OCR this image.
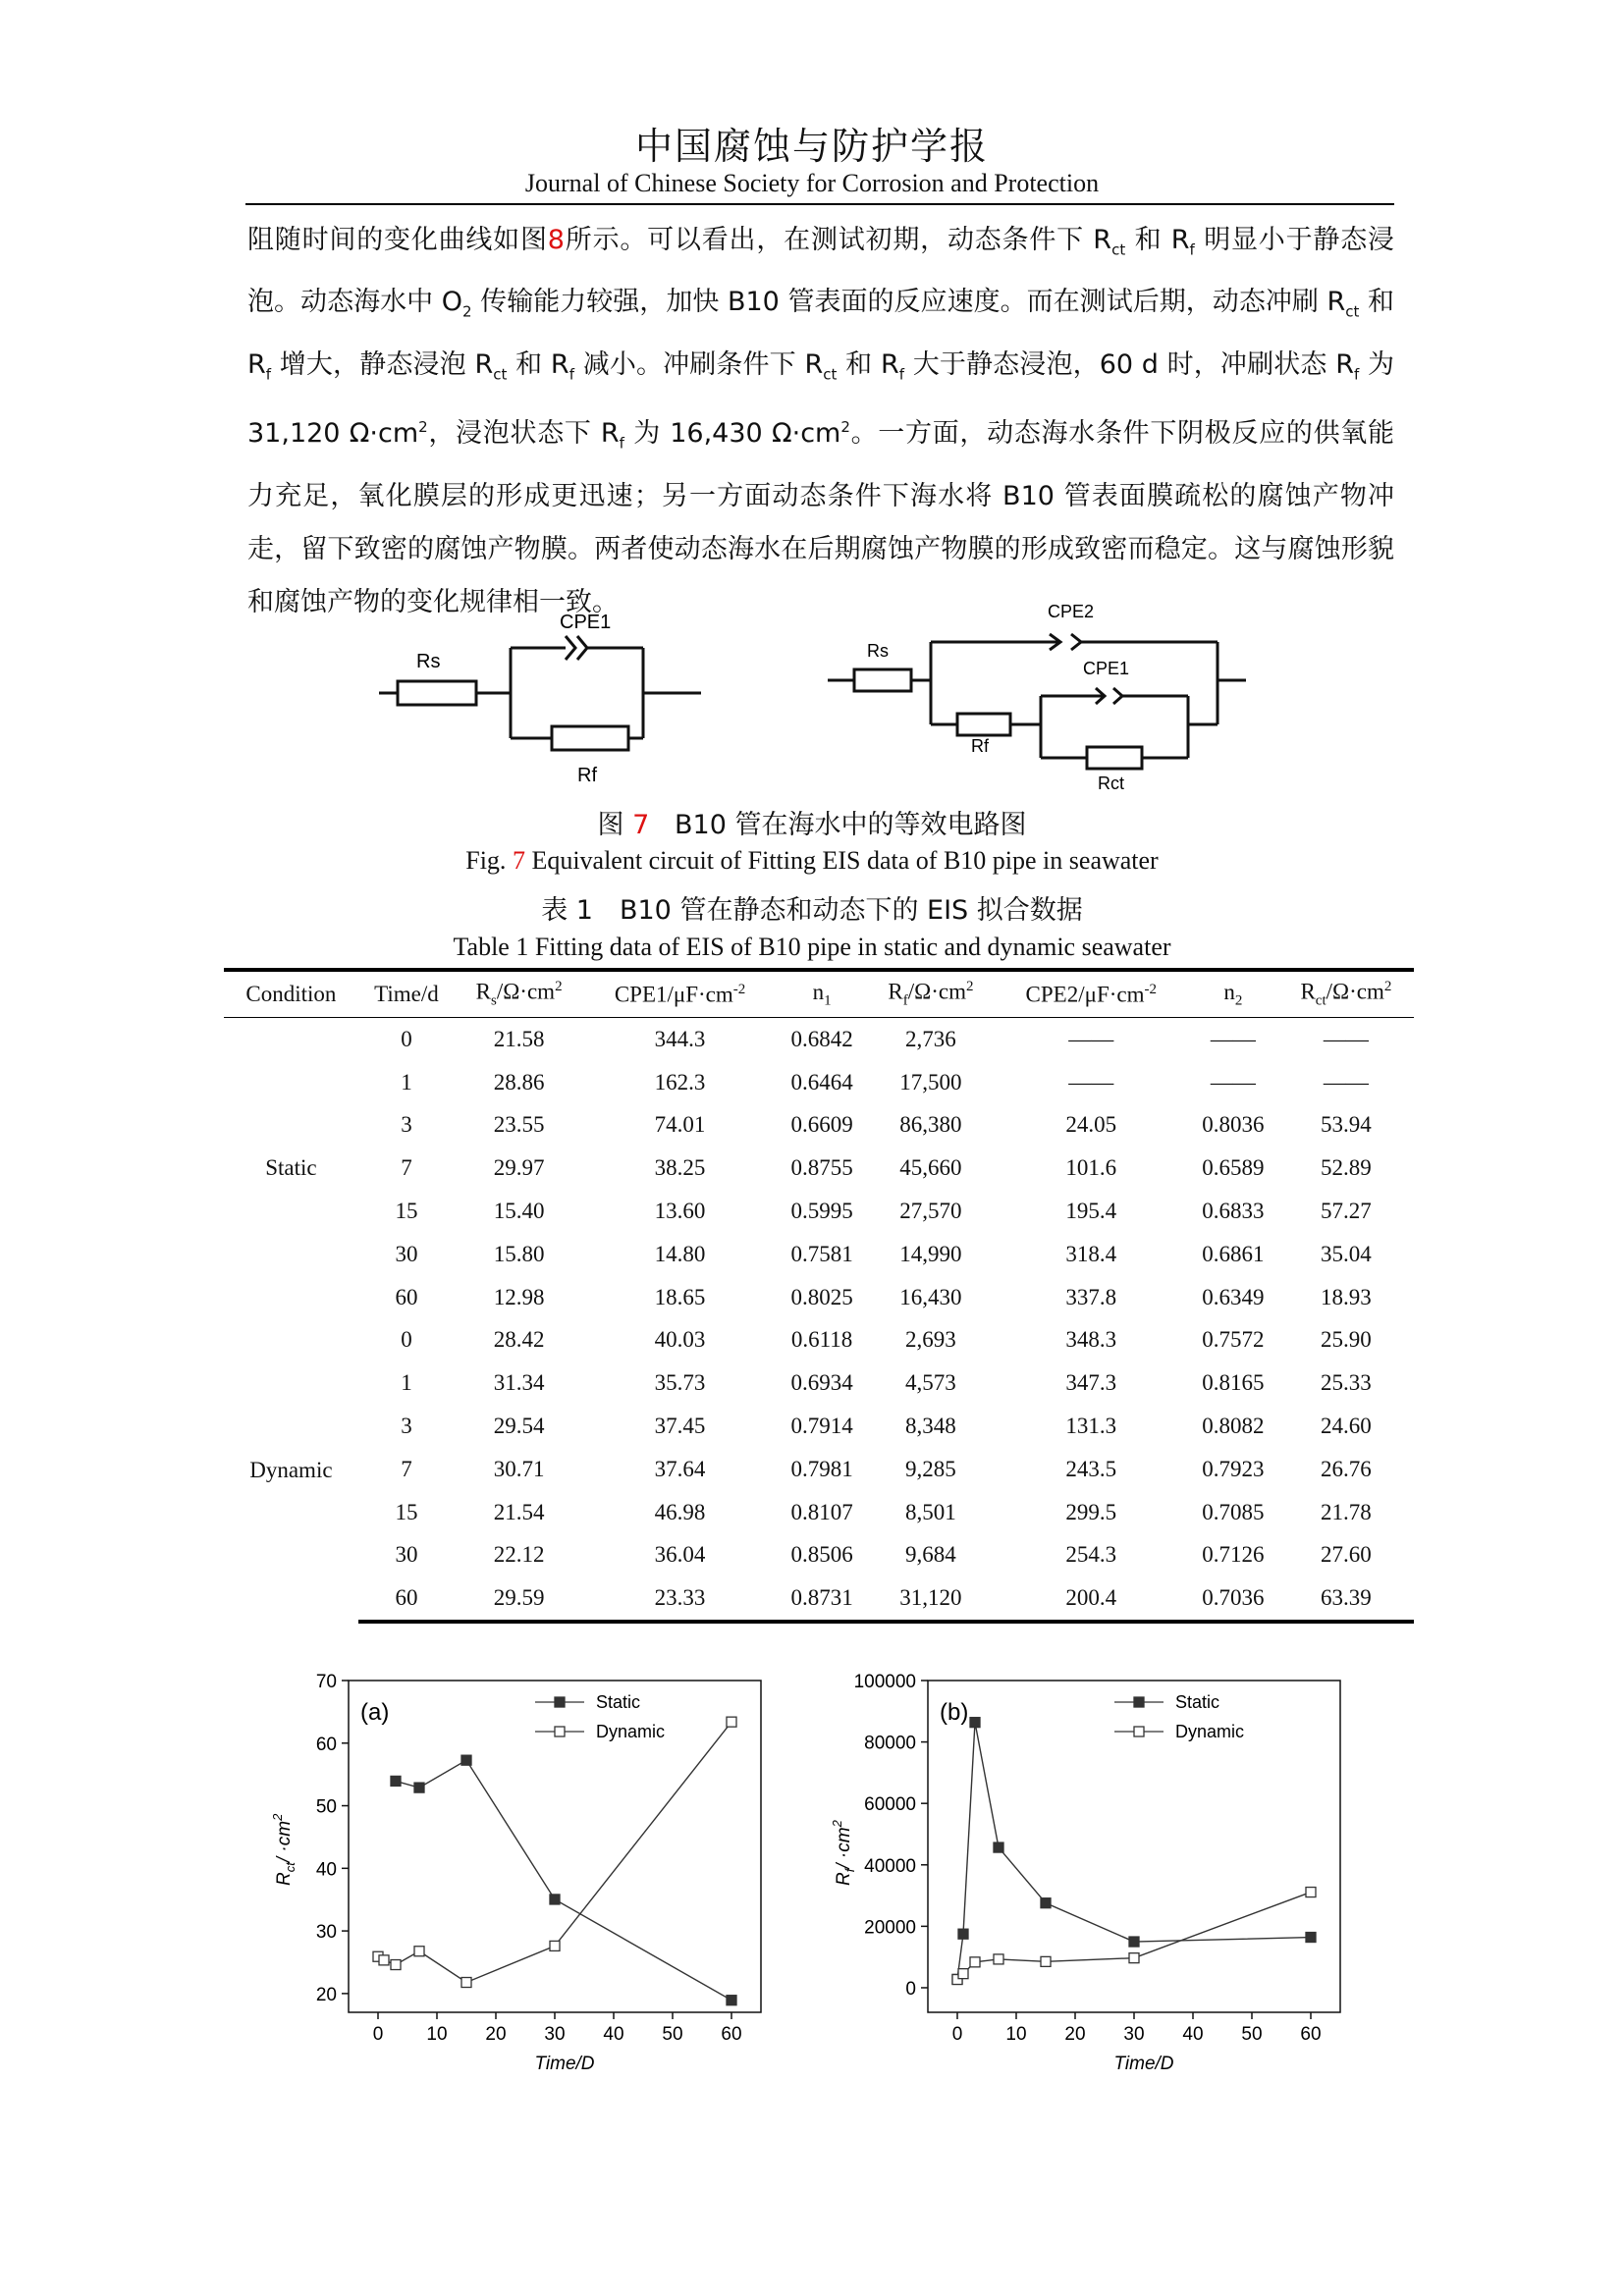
中国腐蚀与防护学报
Journal of Chinese Society for Corrosion and Protection

阻随时间的变化曲线如图8所示。可以看出，在测试初期，动态条件下 $R_{ct}$ 和 $R_f$ 明显小于静态浸泡。动态海水中 $O_2$ 传输能力较强，加快 B10 管表面的反应速度。而在测试后期，动态冲刷 $R_{ct}$ 和 $R_f$ 增大，静态浸泡 $R_{ct}$ 和 $R_f$ 减小。冲刷条件下 $R_{ct}$ 和 $R_f$ 大于静态浸泡，60 d 时，冲刷状态 $R_f$ 为 31,120 $\Omega\cdot cm^2$，浸泡状态下 $R_f$ 为 16,430 $\Omega\cdot cm^2$。一方面，动态海水条件下阴极反应的供氧能力充足，氧化膜层的形成更迅速；另一方面动态条件下海水将 B10 管表面膜疏松的腐蚀产物冲走，留下致密的腐蚀产物膜。两者使动态海水在后期腐蚀产物膜的形成致密而稳定。这与腐蚀形貌和腐蚀产物的变化规律相一致。

Rs
CPE1
Rf
Rs
CPE2
CPE1
Rf
Rct
图 7 B10 管在海水中的等效电路图
Fig. 7 Equivalent circuit of Fitting EIS data of B10 pipe in seawater
表 1　B10 管在静态和动态下的 EIS 拟合数据
Table 1 Fitting data of EIS of B10 pipe in static and dynamic seawater
Condition	Time/d	$R_s/\Omega\cdot cm^2$	$CPE1/\mu F\cdot cm^{-2}$	$n_1$	$R_f/\Omega\cdot cm^2$	$CPE2/\mu F\cdot cm^{-2}$	$n_2$	$R_{ct}/\Omega\cdot cm^2$
Static	0	21.58	344.3	0.6842	2,736	——	——	——
	1	28.86	162.3	0.6464	17,500	——	——	——
	3	23.55	74.01	0.6609	86,380	24.05	0.8036	53.94
	7	29.97	38.25	0.8755	45,660	101.6	0.6589	52.89
	15	15.40	13.60	0.5995	27,570	195.4	0.6833	57.27
	30	15.80	14.80	0.7581	14,990	318.4	0.6861	35.04
	60	12.98	18.65	0.8025	16,430	337.8	0.6349	18.93
Dynamic	0	28.42	40.03	0.6118	2,693	348.3	0.7572	25.90
	1	31.34	35.73	0.6934	4,573	347.3	0.8165	25.33
	3	29.54	37.45	0.7914	8,348	131.3	0.8082	24.60
	7	30.71	37.64	0.7981	9,285	243.5	0.7923	26.76
	15	21.54	46.98	0.8107	8,501	299.5	0.7085	21.78
	30	22.12	36.04	0.8506	9,684	254.3	0.7126	27.60
	60	29.59	23.33	0.8731	31,120	200.4	0.7036	63.39
0 10 20 30 40 50 60
20
30
40
50
60
70
Time/D
$R_{ct}/ \cdot cm^2$
(a)	Static
Dynamic
0 10 20 30 40 50 60
0
20000
40000
60000
80000
100000
Time/D
$R_f/ \cdot cm^2$
(b)	Static
Dynamic
